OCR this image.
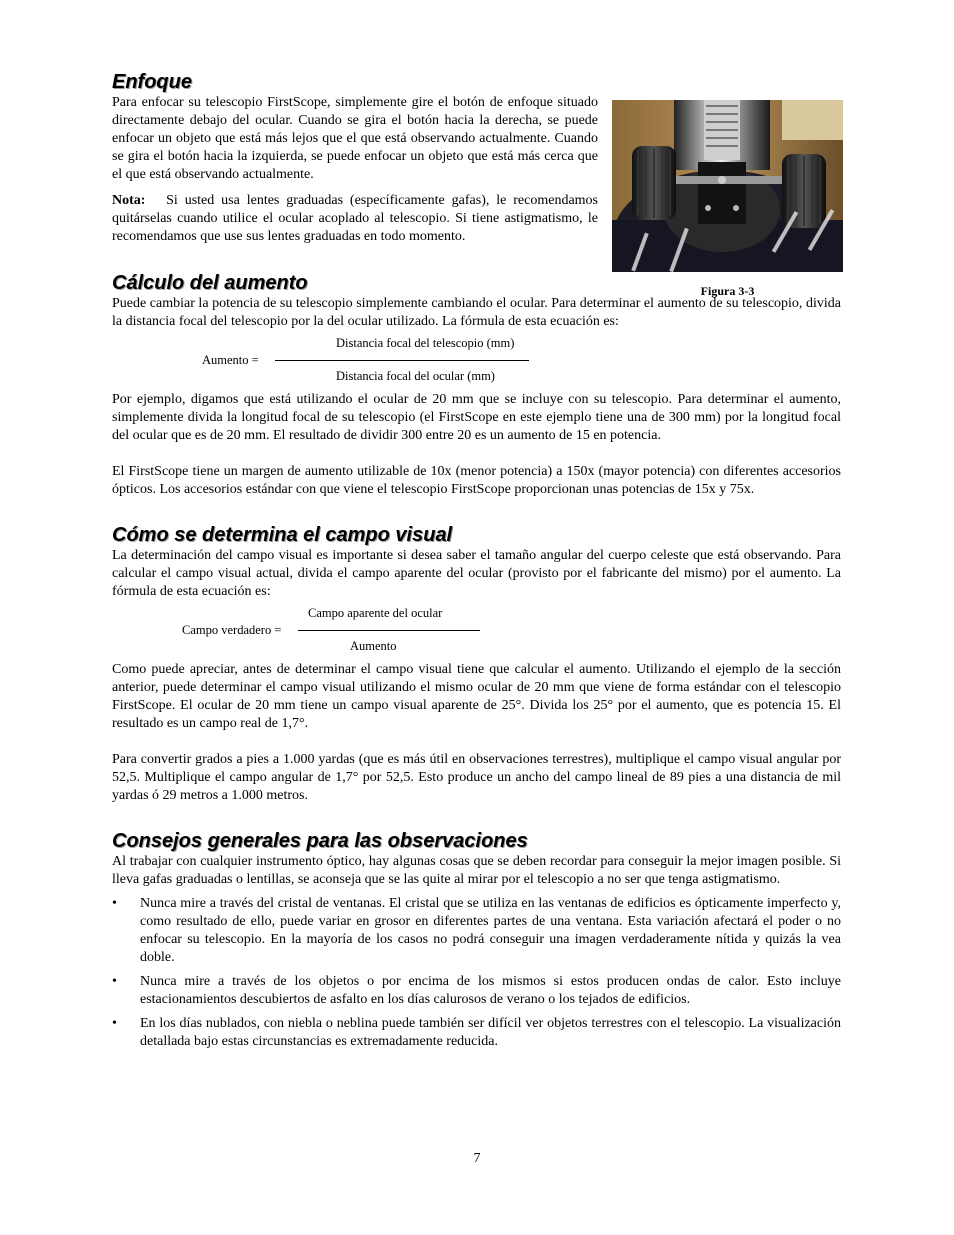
Enfoque

Para enfocar su telescopio FirstScope, simplemente gire el botón de enfoque situado directamente debajo del ocular. Cuando se gira el botón hacia la derecha, se puede enfocar un objeto que está más lejos que el que está observando actualmente. Cuando se gira el botón hacia la izquierda, se puede enfocar un objeto que está más cerca que el que está observando actualmente.

Nota: Si usted usa lentes graduadas (específicamente gafas), le recomendamos quitárselas cuando utilice el ocular acoplado al telescopio. Si tiene astigmatismo, le recomendamos que use sus lentes graduadas en todo momento.

Figura 3-3
Cálculo del aumento

Puede cambiar la potencia de su telescopio simplemente cambiando el ocular. Para determinar el aumento de su telescopio, divida la distancia focal del telescopio por la del ocular utilizado. La fórmula de esta ecuación es:

Distancia focal del telescopio (mm)
Aumento =
Distancia focal del ocular (mm)

Por ejemplo, digamos que está utilizando el ocular de 20 mm que se incluye con su telescopio. Para determinar el aumento, simplemente divida la longitud focal de su telescopio (el FirstScope en este ejemplo tiene una de 300 mm) por la longitud focal del ocular que es de 20 mm. El resultado de dividir 300 entre 20 es un aumento de 15 en potencia.

El FirstScope tiene un margen de aumento utilizable de 10x (menor potencia) a 150x (mayor potencia) con diferentes accesorios ópticos. Los accesorios estándar con que viene el telescopio FirstScope proporcionan unas potencias de 15x y 75x.

Cómo se determina el campo visual

La determinación del campo visual es importante si desea saber el tamaño angular del cuerpo celeste que está observando. Para calcular el campo visual actual, divida el campo aparente del ocular (provisto por el fabricante del mismo) por el aumento. La fórmula de esta ecuación es:

Campo aparente del ocular
Campo verdadero =
Aumento

Como puede apreciar, antes de determinar el campo visual tiene que calcular el aumento. Utilizando el ejemplo de la sección anterior, puede determinar el campo visual utilizando el mismo ocular de 20 mm que viene de forma estándar con el telescopio FirstScope. El ocular de 20 mm tiene un campo visual aparente de 25°. Divida los 25° por el aumento, que es potencia 15. El resultado es un campo real de 1,7°.

Para convertir grados a pies a 1.000 yardas (que es más útil en observaciones terrestres), multiplique el campo visual angular por 52,5. Multiplique el campo angular de 1,7° por 52,5. Esto produce un ancho del campo lineal de 89 pies a una distancia de mil yardas ó 29 metros a 1.000 metros.

Consejos generales para las observaciones

Al trabajar con cualquier instrumento óptico, hay algunas cosas que se deben recordar para conseguir la mejor imagen posible. Si lleva gafas graduadas o lentillas, se aconseja que se las quite al mirar por el telescopio a no ser que tenga astigmatismo.

• Nunca mire a través del cristal de ventanas. El cristal que se utiliza en las ventanas de edificios es ópticamente imperfecto y, como resultado de ello, puede variar en grosor en diferentes partes de una ventana. Esta variación afectará el poder o no enfocar su telescopio. En la mayoría de los casos no podrá conseguir una imagen verdaderamente nítida y quizás la vea doble.
• Nunca mire a través de los objetos o por encima de los mismos si estos producen ondas de calor. Esto incluye estacionamientos descubiertos de asfalto en los días calurosos de verano o los tejados de edificios.
• En los días nublados, con niebla o neblina puede también ser difícil ver objetos terrestres con el telescopio. La visualización detallada bajo estas circunstancias es extremadamente reducida.
7
